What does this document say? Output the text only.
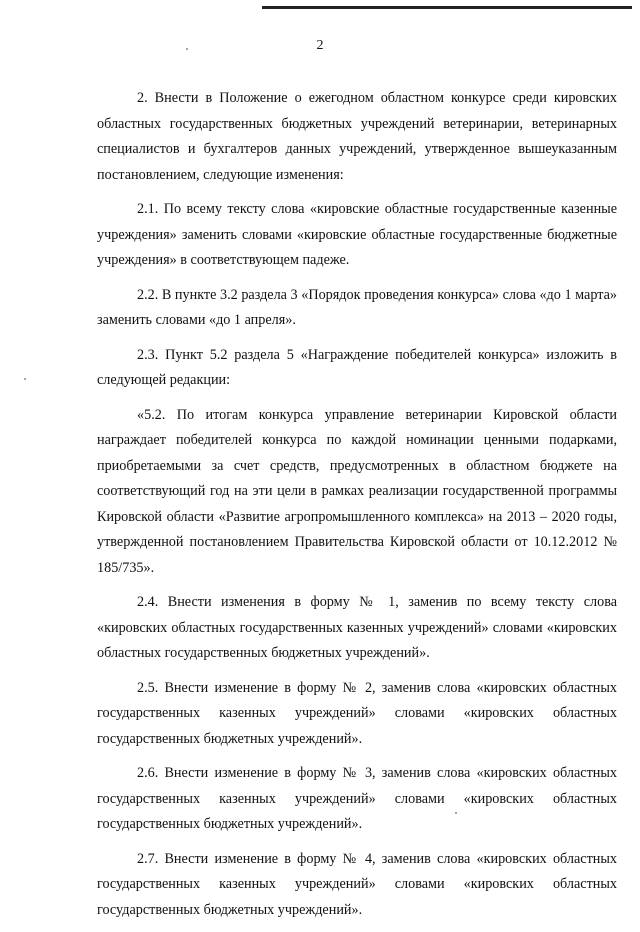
2

2. Внести в Положение о ежегодном областном конкурсе среди кировских областных государственных бюджетных учреждений ветеринарии, ветеринарных специалистов и бухгалтеров данных учреждений, утвержденное вышеуказанным постановлением, следующие изменения:

2.1. По всему тексту слова «кировские областные государственные казенные учреждения» заменить словами «кировские областные государственные бюджетные учреждения» в соответствующем падеже.

2.2. В пункте 3.2 раздела 3 «Порядок проведения конкурса» слова «до 1 марта» заменить словами «до 1 апреля».

2.3. Пункт 5.2 раздела 5 «Награждение победителей конкурса» изложить в следующей редакции:

«5.2. По итогам конкурса управление ветеринарии Кировской области награждает победителей конкурса по каждой номинации ценными подарками, приобретаемыми за счет средств, предусмотренных в областном бюджете на соответствующий год на эти цели в рамках реализации государственной программы Кировской области «Развитие агропромышленного комплекса» на 2013 – 2020 годы, утвержденной постановлением Правительства Кировской области от 10.12.2012 № 185/735».

2.4. Внести изменения в форму № 1, заменив по всему тексту слова «кировских областных государственных казенных учреждений» словами «кировских областных государственных бюджетных учреждений».

2.5. Внести изменение в форму № 2, заменив слова «кировских областных государственных казенных учреждений» словами «кировских областных государственных бюджетных учреждений».

2.6. Внести изменение в форму № 3, заменив слова «кировских областных государственных казенных учреждений» словами «кировских областных государственных бюджетных учреждений».

2.7. Внести изменение в форму № 4, заменив слова «кировских областных государственных казенных учреждений» словами «кировских областных государственных бюджетных учреждений».
